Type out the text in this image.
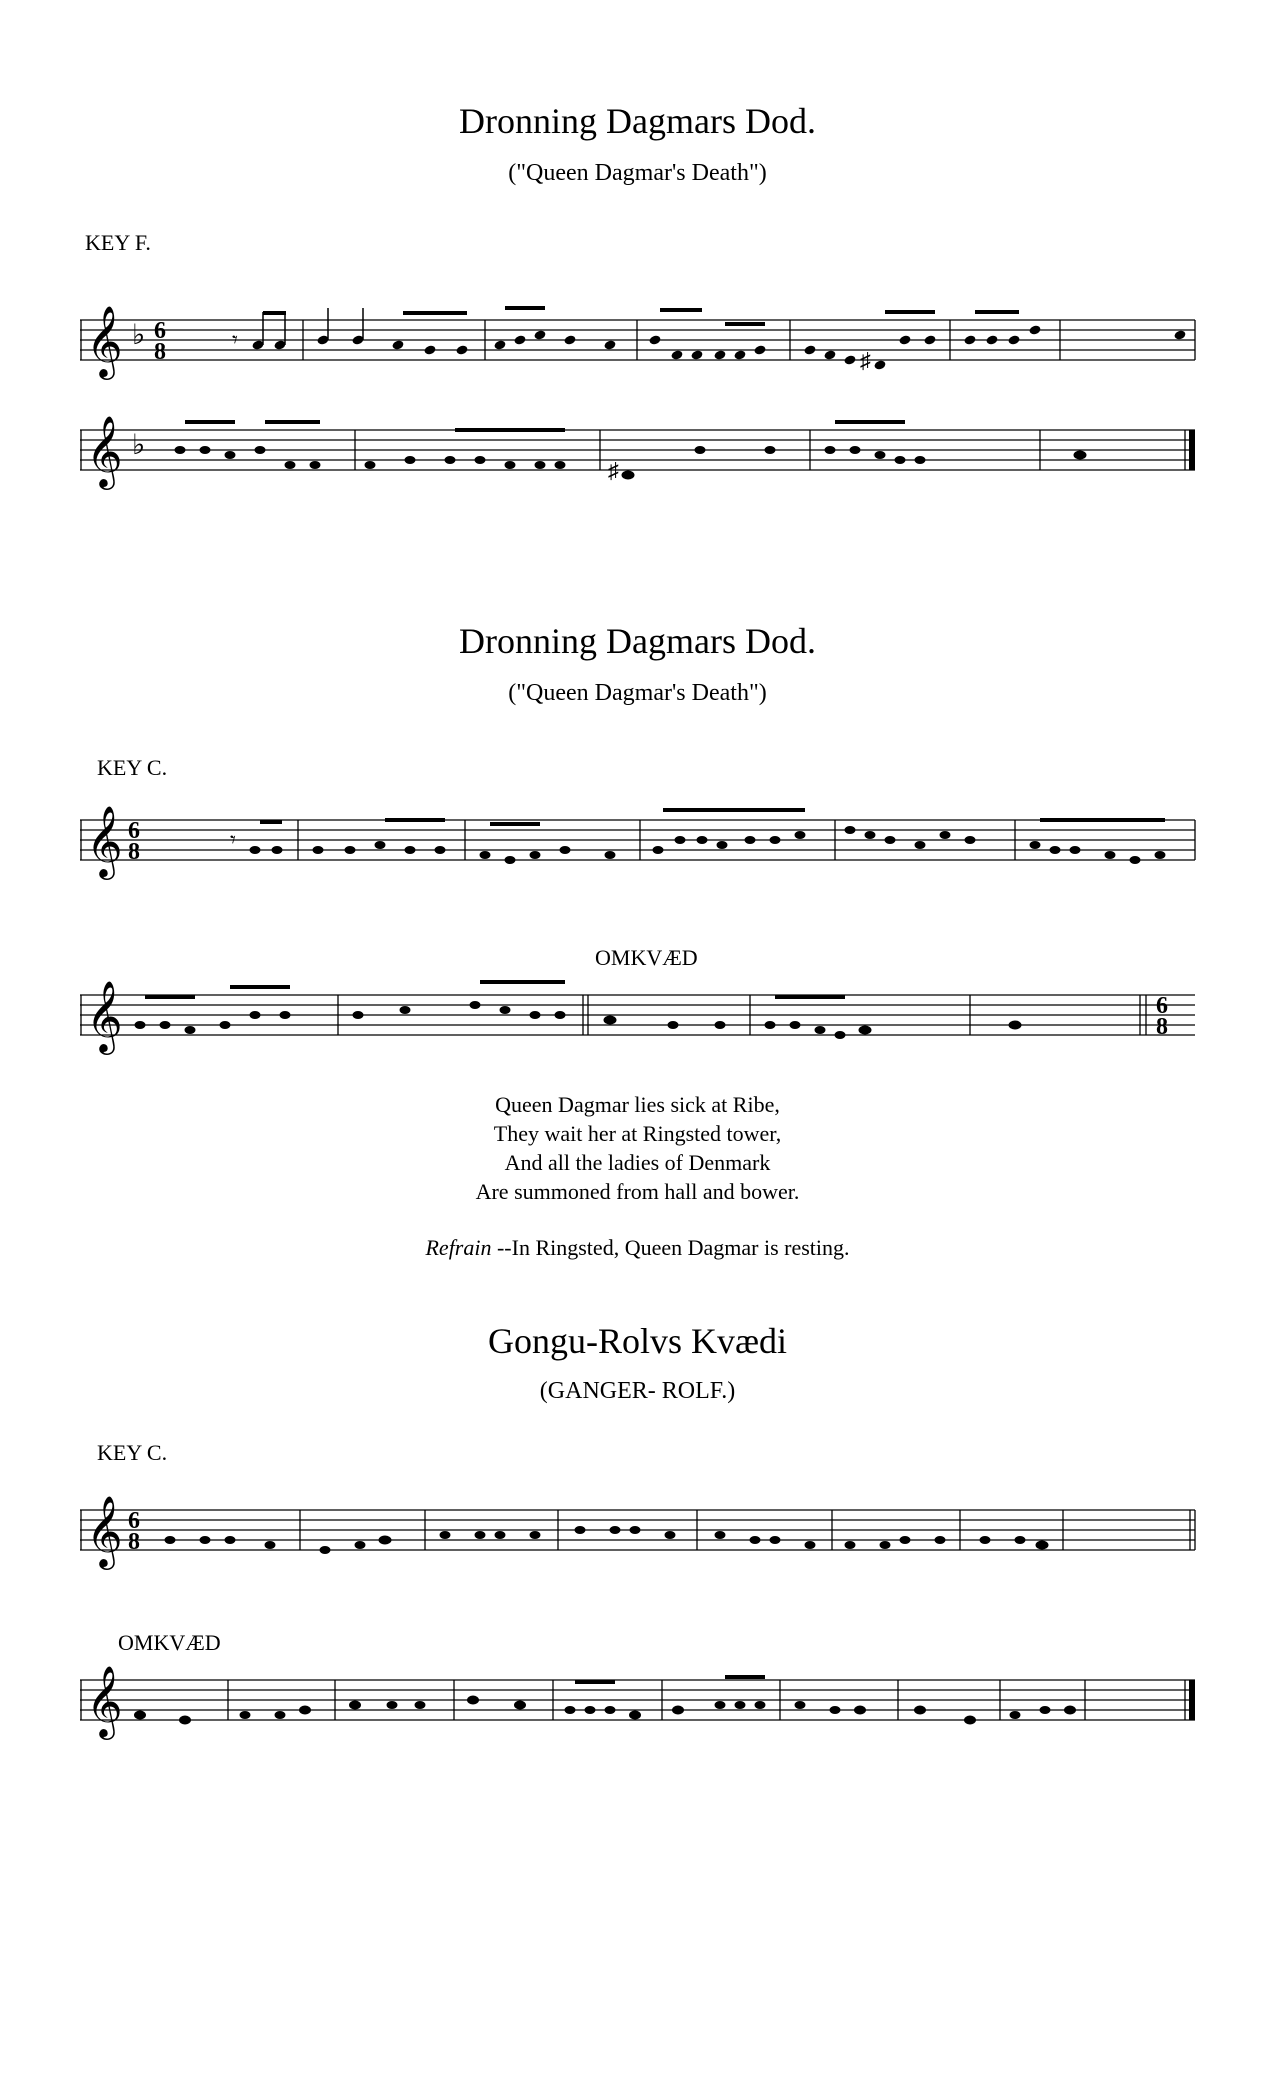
Dronning Dagmars Dod.
("Queen Dagmar's Death")
KEY F.
𝄞 ♭ 6
8	𝄾
♯
𝄞 ♭
♯
Dronning Dagmars Dod.
("Queen Dagmar's Death")
KEY C.
𝄞 6
8	𝄾
OMKVÆD
𝄞	6
8
Queen Dagmar lies sick at Ribe,
They wait her at Ringsted tower,
And all the ladies of Denmark
Are summoned from hall and bower.
Refrain --In Ringsted, Queen Dagmar is resting.
Gongu-Rolvs Kvædi
(GANGER- ROLF.)
KEY C.
𝄞 6
8
OMKVÆD
𝄞
